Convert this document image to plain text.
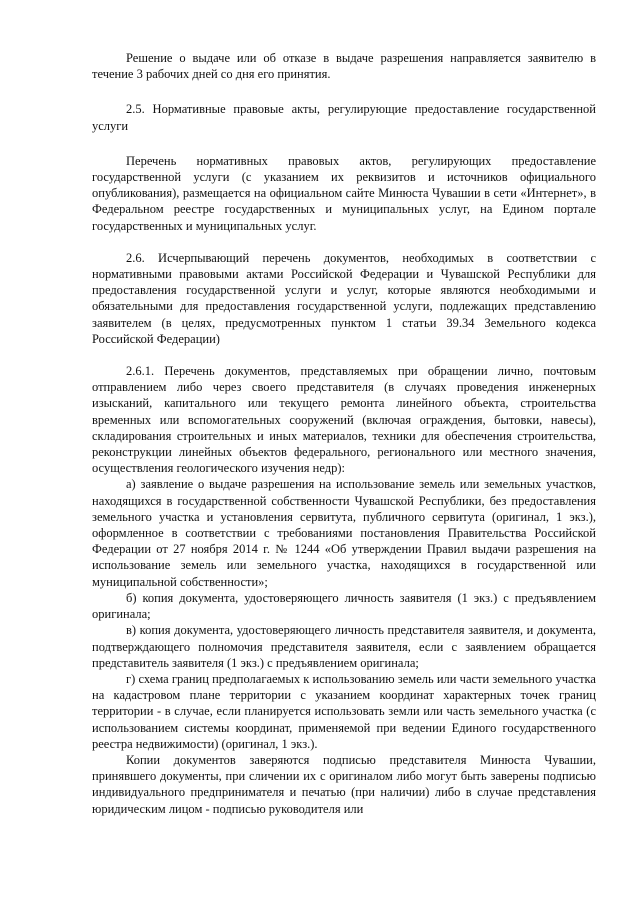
Решение о выдаче или об отказе в выдаче разрешения направляется заявителю в течение 3 рабочих дней со дня его принятия.

2.5. Нормативные правовые акты, регулирующие предоставление государственной услуги

Перечень нормативных правовых актов, регулирующих предоставление государственной услуги (с указанием их реквизитов и источников официального опубликования), размещается на официальном сайте Минюста Чувашии в сети «Интернет», в Федеральном реестре государственных и муниципальных услуг, на Едином портале государственных и муниципальных услуг.

2.6. Исчерпывающий перечень документов, необходимых в соответствии с нормативными правовыми актами Российской Федерации и Чувашской Республики для предоставления государственной услуги и услуг, которые являются необходимыми и обязательными для предоставления государственной услуги, подлежащих представлению заявителем (в целях, предусмотренных пунктом 1 статьи 39.34 Земельного кодекса Российской Федерации)

2.6.1. Перечень документов, представляемых при обращении лично, почтовым отправлением либо через своего представителя (в случаях проведения инженерных изысканий, капитального или текущего ремонта линейного объекта, строительства временных или вспомогательных сооружений (включая ограждения, бытовки, навесы), складирования строительных и иных материалов, техники для обеспечения строительства, реконструкции линейных объектов федерального, регионального или местного значения, осуществления геологического изучения недр):

а) заявление о выдаче разрешения на использование земель или земельных участков, находящихся в государственной собственности Чувашской Республики, без предоставления земельного участка и установления сервитута, публичного сервитута (оригинал, 1 экз.), оформленное в соответствии с требованиями постановления Правительства Российской Федерации от 27 ноября 2014 г. № 1244 «Об утверждении Правил выдачи разрешения на использование земель или земельного участка, находящихся в государственной или муниципальной собственности»;

б) копия документа, удостоверяющего личность заявителя (1 экз.) с предъявлением оригинала;

в) копия документа, удостоверяющего личность представителя заявителя, и документа, подтверждающего полномочия представителя заявителя, если с заявлением обращается представитель заявителя (1 экз.) с предъявлением оригинала;

г) схема границ предполагаемых к использованию земель или части земельного участка на кадастровом плане территории с указанием координат характерных точек границ территории - в случае, если планируется использовать земли или часть земельного участка (с использованием системы координат, применяемой при ведении Единого государственного реестра недвижимости) (оригинал, 1 экз.).

Копии документов заверяются подписью представителя Минюста Чувашии, принявшего документы, при сличении их с оригиналом либо могут быть заверены подписью индивидуального предпринимателя и печатью (при наличии) либо в случае представления юридическим лицом - подписью руководителя или
